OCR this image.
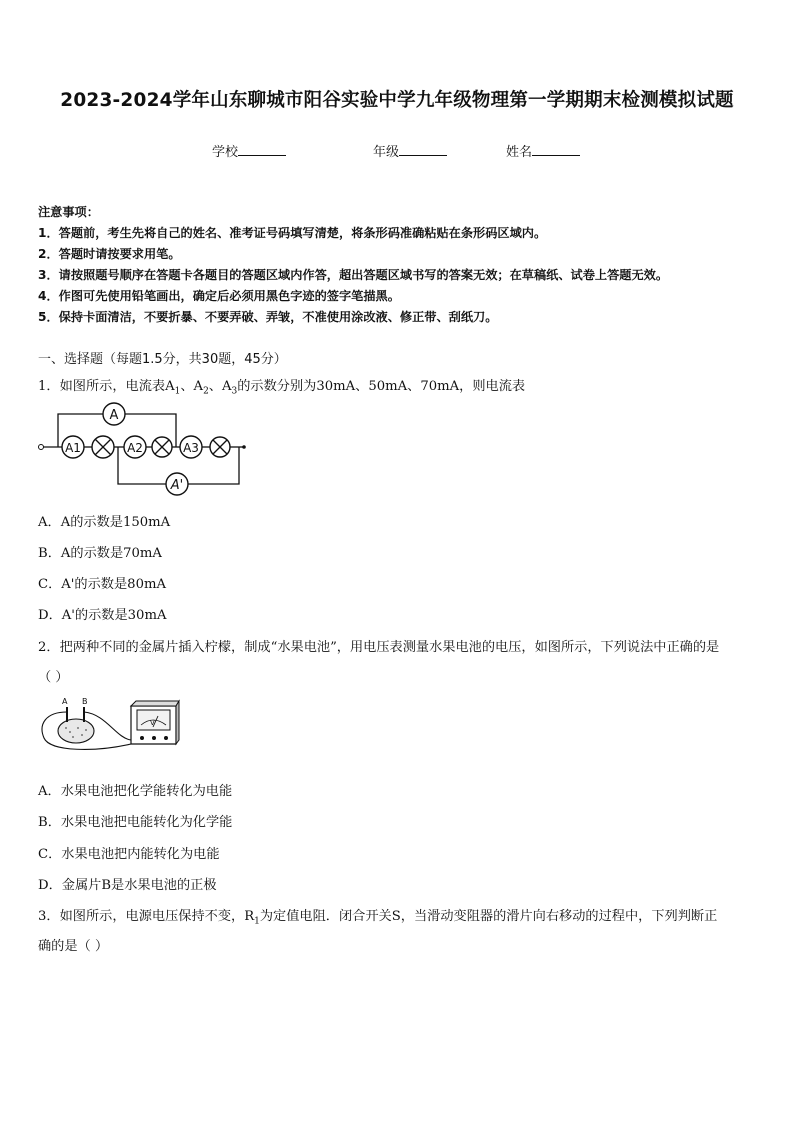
2023-2024学年山东聊城市阳谷实验中学九年级物理第一学期期末检测模拟试题
学校	年级	姓名
注意事项：
1．答题前，考生先将自己的姓名、准考证号码填写清楚，将条形码准确粘贴在条形码区域内。
2．答题时请按要求用笔。
3．请按照题号顺序在答题卡各题目的答题区域内作答，超出答题区域书写的答案无效；在草稿纸、试卷上答题无效。
4．作图可先使用铅笔画出，确定后必须用黑色字迹的签字笔描黑。
5．保持卡面清洁，不要折暴、不要弄破、弄皱，不准使用涂改液、修正带、刮纸刀。
一、选择题（每题1.5分，共30题，45分）
1．如图所示，电流表$A_1$、$A_2$、$A_3$的示数分别为30mA、50mA、70mA，则电流表
A
A1	A2	A3
A'
A．A的示数是150mA
B．A的示数是70mA
C．A'的示数是80mA
D．A'的示数是30mA
2．把两种不同的金属片插入柠檬，制成“水果电池”，用电压表测量水果电池的电压，如图所示，下列说法中正确的是
（ ）
A B
V
A．水果电池把化学能转化为电能
B．水果电池把电能转化为化学能
C．水果电池把内能转化为电能
D．金属片B是水果电池的正极
3．如图所示，电源电压保持不变，$R_1$为定值电阻．闭合开关S，当滑动变阻器的滑片向右移动的过程中，下列判断正
确的是（ ）
